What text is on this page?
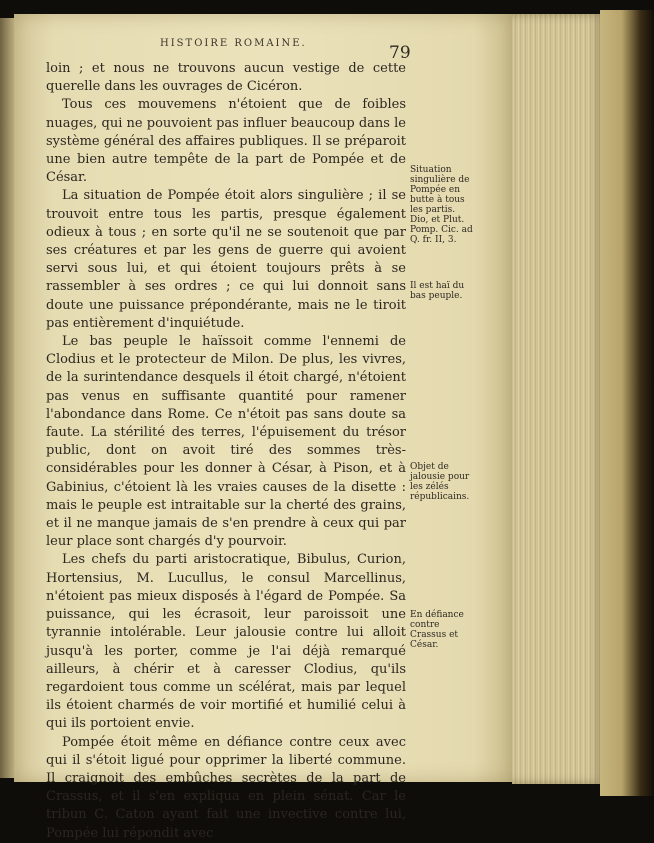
HISTOIRE ROMAINE.	79

loin ; et nous ne trouvons aucun vestige de cette querelle dans les ouvrages de Cicéron.

Tous ces mouvemens n'étoient que de foibles nuages, qui ne pouvoient pas influer beaucoup dans le système général des affaires publiques. Il se préparoit une bien autre tempête de la part de Pompée et de César.

La situation de Pompée étoit alors singulière ; il se trouvoit entre tous les partis, presque également odieux à tous ; en sorte qu'il ne se soutenoit que par ses créatures et par les gens de guerre qui avoient servi sous lui, et qui étoient toujours prêts à se rassembler à ses ordres ; ce qui lui donnoit sans doute une puissance prépondérante, mais ne le tiroit pas entièrement d'inquiétude.

Le bas peuple le haïssoit comme l'ennemi de Clodius et le protecteur de Milon. De plus, les vivres, de la surintendance desquels il étoit chargé, n'étoient pas venus en suffisante quantité pour ramener l'abondance dans Rome. Ce n'étoit pas sans doute sa faute. La stérilité des terres, l'épuisement du trésor public, dont on avoit tiré des sommes très-considérables pour les donner à César, à Pison, et à Gabinius, c'étoient là les vraies causes de la disette : mais le peuple est intraitable sur la cherté des grains, et il ne manque jamais de s'en prendre à ceux qui par leur place sont chargés d'y pourvoir.

Les chefs du parti aristocratique, Bibulus, Curion, Hortensius, M. Lucullus, le consul Marcellinus, n'étoient pas mieux disposés à l'égard de Pompée. Sa puissance, qui les écrasoit, leur paroissoit une tyrannie intolérable. Leur jalousie contre lui alloit jusqu'à les porter, comme je l'ai déjà remarqué ailleurs, à chérir et à caresser Clodius, qu'ils regardoient tous comme un scélérat, mais par lequel ils étoient charmés de voir mortifié et humilié celui à qui ils portoient envie.

Pompée étoit même en défiance contre ceux avec qui il s'étoit ligué pour opprimer la liberté commune. Il craignoit des embûches secrètes de la part de Crassus, et il s'en expliqua en plein sénat. Car le tribun C. Caton ayant fait une invective contre lui, Pompée lui répondit avec

Situation singulière de Pompée en butte à tous les partis. Dio, et Plut. Pomp. Cic. ad Q. fr. II, 3.
Il est haï du bas peuple.
Objet de jalousie pour les zélés républicains.
En défiance contre Crassus et César.
